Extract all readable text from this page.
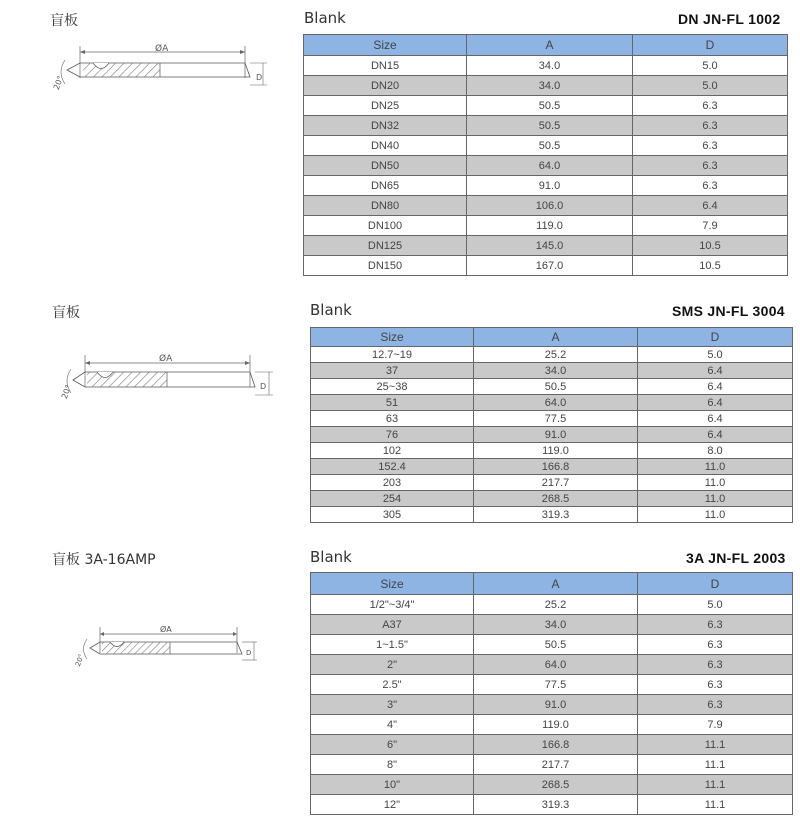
盲板	Blank	DN JN-FL 1002
ØA
D
20°
Size	A	D
DN15	34.0	5.0
DN20	34.0	5.0
DN25	50.5	6.3
DN32	50.5	6.3
DN40	50.5	6.3
DN50	64.0	6.3
DN65	91.0	6.3
DN80	106.0	6.4
DN100	119.0	7.9
DN125	145.0	10.5
DN150	167.0	10.5
盲板	Blank	SMS JN-FL 3004
ØA
D
20°
Size	A	D
12.7~19	25.2	5.0
37	34.0	6.4
25~38	50.5	6.4
51	64.0	6.4
63	77.5	6.4
76	91.0	6.4
102	119.0	8.0
152.4	166.8	11.0
203	217.7	11.0
254	268.5	11.0
305	319.3	11.0
盲板 3A-16AMP	Blank	3A JN-FL 2003
ØA
D
20°
Size	A	D
1/2"~3/4"	25.2	5.0
A37	34.0	6.3
1~1.5"	50.5	6.3
2"	64.0	6.3
2.5"	77.5	6.3
3"	91.0	6.3
4"	119.0	7.9
6"	166.8	11.1
8"	217.7	11.1
10"	268.5	11.1
12"	319.3	11.1
